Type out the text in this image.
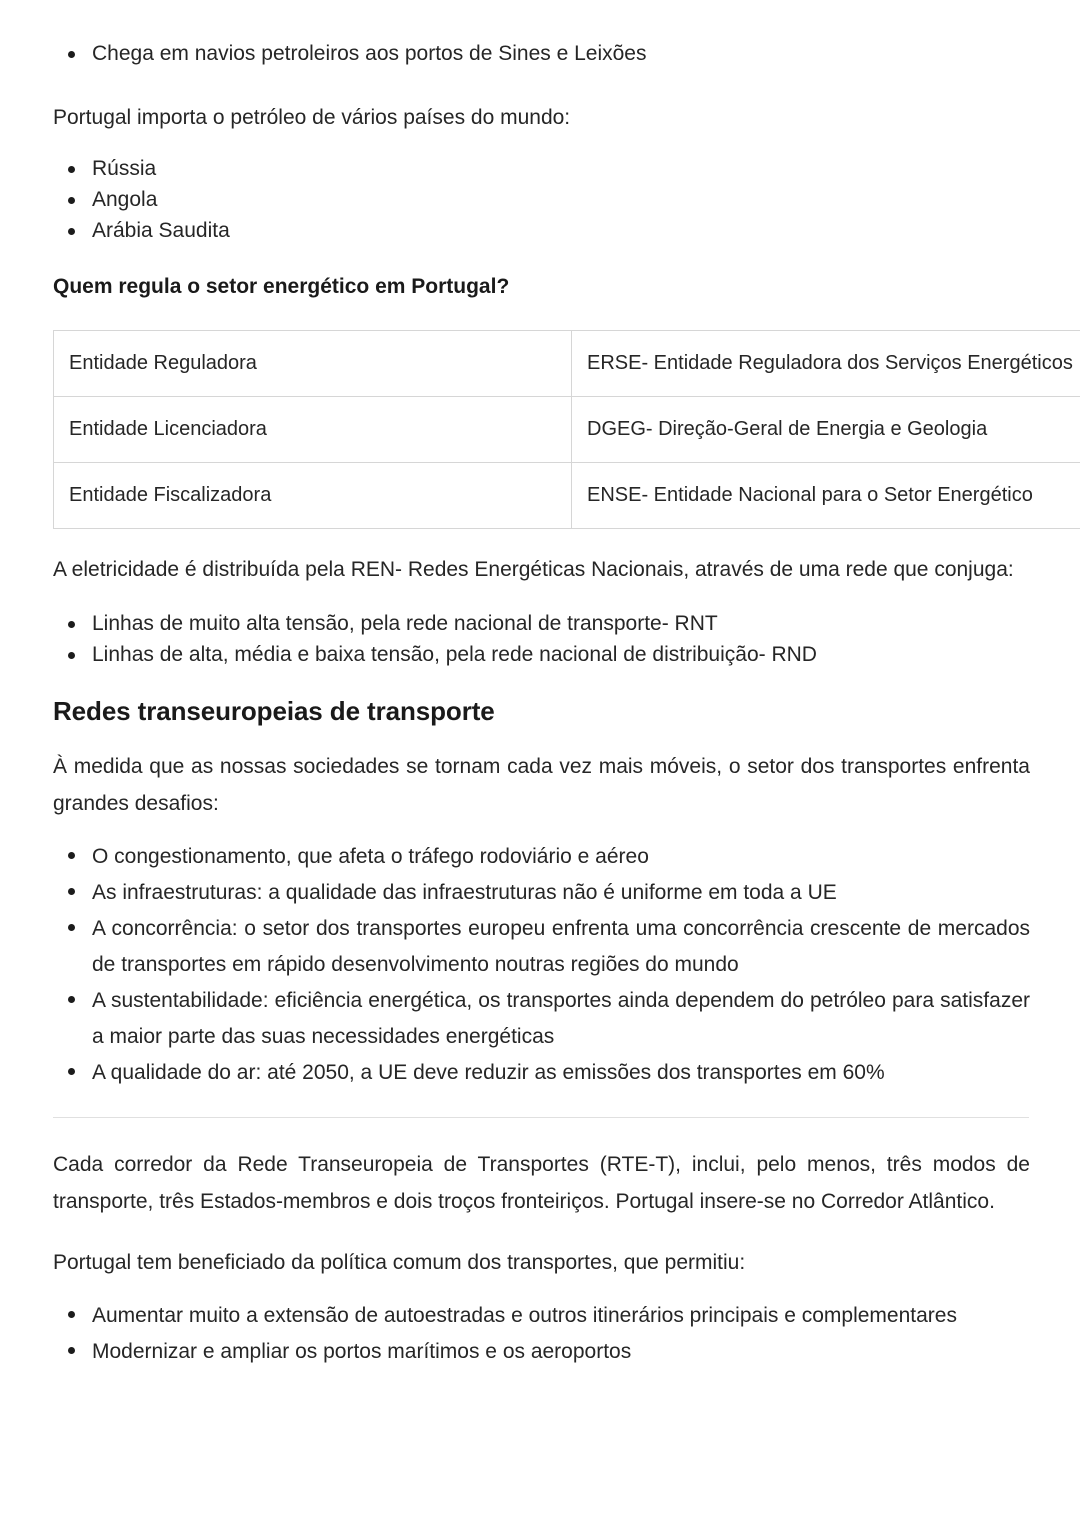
Chega em navios petroleiros aos portos de Sines e Leixões

Portugal importa o petróleo de vários países do mundo:

Rússia
Angola
Arábia Saudita

Quem regula o setor energético em Portugal?

Entidade Reguladora	ERSE- Entidade Reguladora dos Serviços Energéticos
Entidade Licenciadora	DGEG- Direção-Geral de Energia e Geologia
Entidade Fiscalizadora	ENSE- Entidade Nacional para o Setor Energético

A eletricidade é distribuída pela REN- Redes Energéticas Nacionais, através de uma rede que conjuga:

Linhas de muito alta tensão, pela rede nacional de transporte- RNT
Linhas de alta, média e baixa tensão, pela rede nacional de distribuição- RND
Redes transeuropeias de transporte

À medida que as nossas sociedades se tornam cada vez mais móveis, o setor dos transportes enfrenta grandes desafios:

O congestionamento, que afeta o tráfego rodoviário e aéreo
As infraestruturas: a qualidade das infraestruturas não é uniforme em toda a UE
A concorrência: o setor dos transportes europeu enfrenta uma concorrência crescente de mercados de transportes em rápido desenvolvimento noutras regiões do mundo
A sustentabilidade: eficiência energética, os transportes ainda dependem do petróleo para satisfazer a maior parte das suas necessidades energéticas
A qualidade do ar: até 2050, a UE deve reduzir as emissões dos transportes em 60%

Cada corredor da Rede Transeuropeia de Transportes (RTE-T), inclui, pelo menos, três modos de transporte, três Estados-membros e dois troços fronteiriços. Portugal insere-se no Corredor Atlântico.

Portugal tem beneficiado da política comum dos transportes, que permitiu:

Aumentar muito a extensão de autoestradas e outros itinerários principais e complementares
Modernizar e ampliar os portos marítimos e os aeroportos
